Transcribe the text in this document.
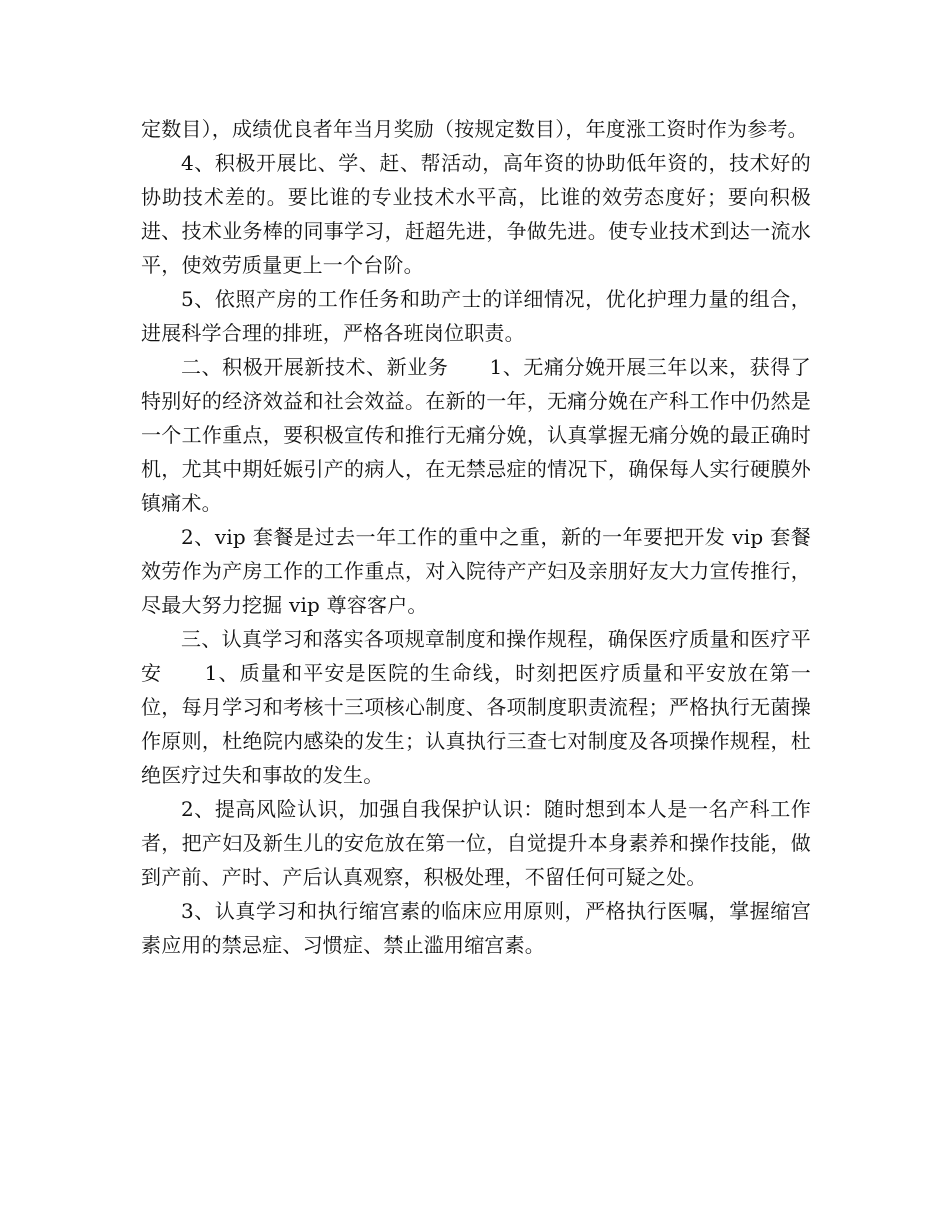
定数目），成绩优良者年当月奖励（按规定数目），年度涨工资时作为参考。

4、积极开展比、学、赶、帮活动，高年资的协助低年资的，技术好的协助技术差的。要比谁的专业技术水平高，比谁的效劳态度好；要向积极进、技术业务棒的同事学习，赶超先进，争做先进。使专业技术到达一流水平，使效劳质量更上一个台阶。

5、依照产房的工作任务和助产士的详细情况，优化护理力量的组合，进展科学合理的排班，严格各班岗位职责。

二、积极开展新技术、新业务　　1、无痛分娩开展三年以来，获得了特别好的经济效益和社会效益。在新的一年，无痛分娩在产科工作中仍然是一个工作重点，要积极宣传和推行无痛分娩，认真掌握无痛分娩的最正确时机，尤其中期妊娠引产的病人，在无禁忌症的情况下，确保每人实行硬膜外镇痛术。

2、vip 套餐是过去一年工作的重中之重，新的一年要把开发 vip 套餐效劳作为产房工作的工作重点，对入院待产产妇及亲朋好友大力宣传推行，尽最大努力挖掘 vip 尊容客户。

三、认真学习和落实各项规章制度和操作规程，确保医疗质量和医疗平安　　1、质量和平安是医院的生命线，时刻把医疗质量和平安放在第一位，每月学习和考核十三项核心制度、各项制度职责流程；严格执行无菌操作原则，杜绝院内感染的发生；认真执行三查七对制度及各项操作规程，杜绝医疗过失和事故的发生。

2、提高风险认识，加强自我保护认识：随时想到本人是一名产科工作者，把产妇及新生儿的安危放在第一位，自觉提升本身素养和操作技能，做到产前、产时、产后认真观察，积极处理，不留任何可疑之处。

3、认真学习和执行缩宫素的临床应用原则，严格执行医嘱，掌握缩宫素应用的禁忌症、习惯症、禁止滥用缩宫素。
